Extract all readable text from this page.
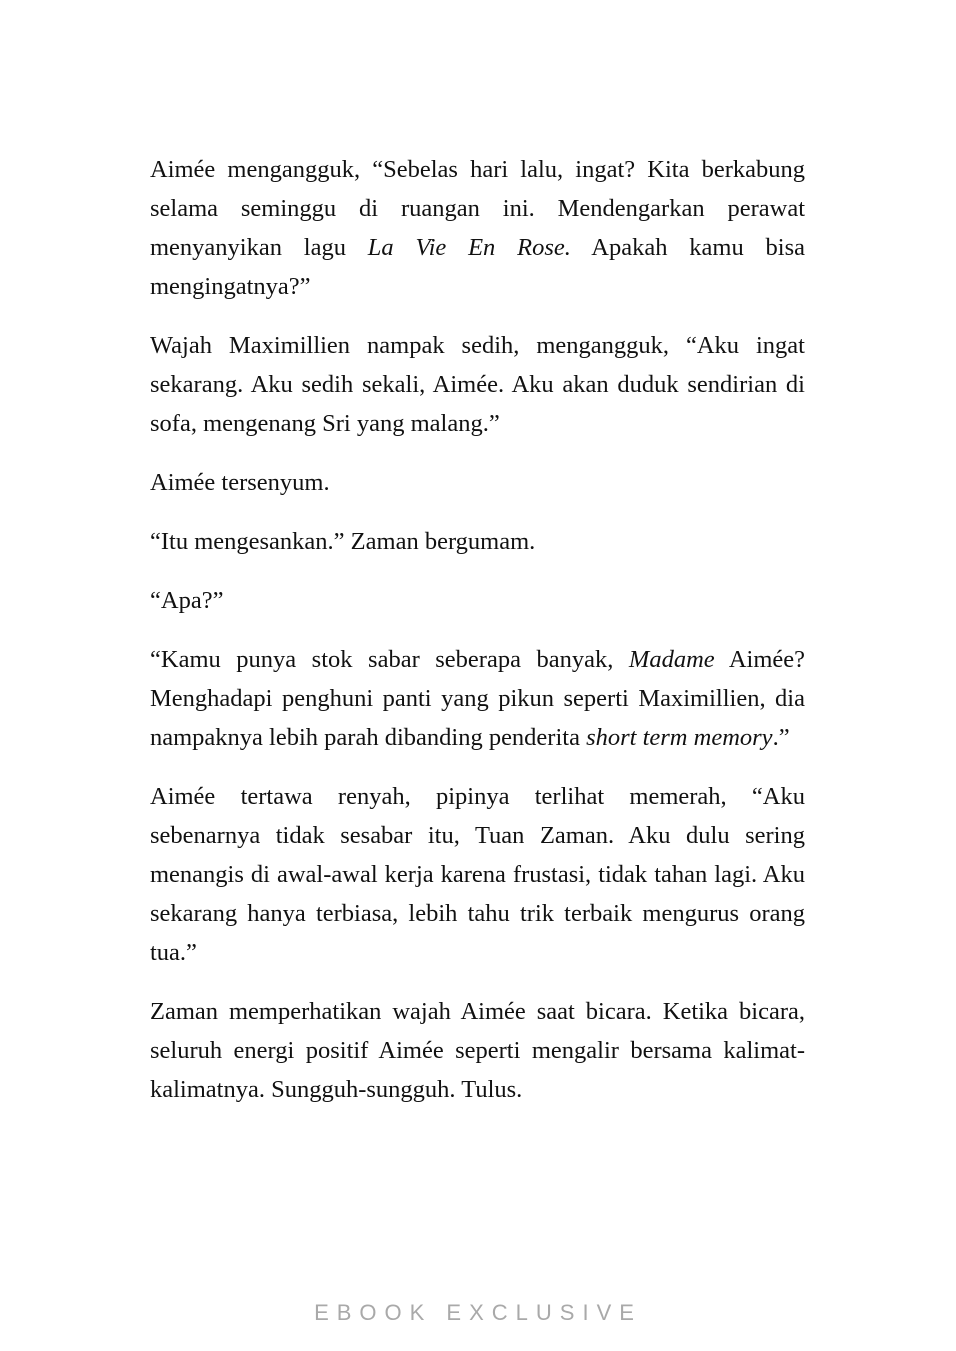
Aimée mengangguk, “Sebelas hari lalu, ingat? Kita berkabung selama seminggu di ruangan ini. Mendengarkan perawat menyanyikan lagu La Vie En Rose. Apakah kamu bisa mengingatnya?”

Wajah Maximillien nampak sedih, mengangguk, “Aku ingat sekarang. Aku sedih sekali, Aimée. Aku akan duduk sendirian di sofa, mengenang Sri yang malang.”

Aimée tersenyum.

“Itu mengesankan.” Zaman bergumam.

“Apa?”

“Kamu punya stok sabar seberapa banyak, Madame Aimée? Menghadapi penghuni panti yang pikun seperti Maximillien, dia nampaknya lebih parah dibanding penderita short term memory.”

Aimée tertawa renyah, pipinya terlihat memerah, “Aku sebenarnya tidak sesabar itu, Tuan Zaman. Aku dulu sering menangis di awal-awal kerja karena frustasi, tidak tahan lagi. Aku sekarang hanya terbiasa, lebih tahu trik terbaik mengurus orang tua.”

Zaman memperhatikan wajah Aimée saat bicara. Ketika bicara, seluruh energi positif Aimée seperti mengalir bersama kalimat-kalimatnya. Sungguh-sungguh. Tulus.

EBOOK EXCLUSIVE
